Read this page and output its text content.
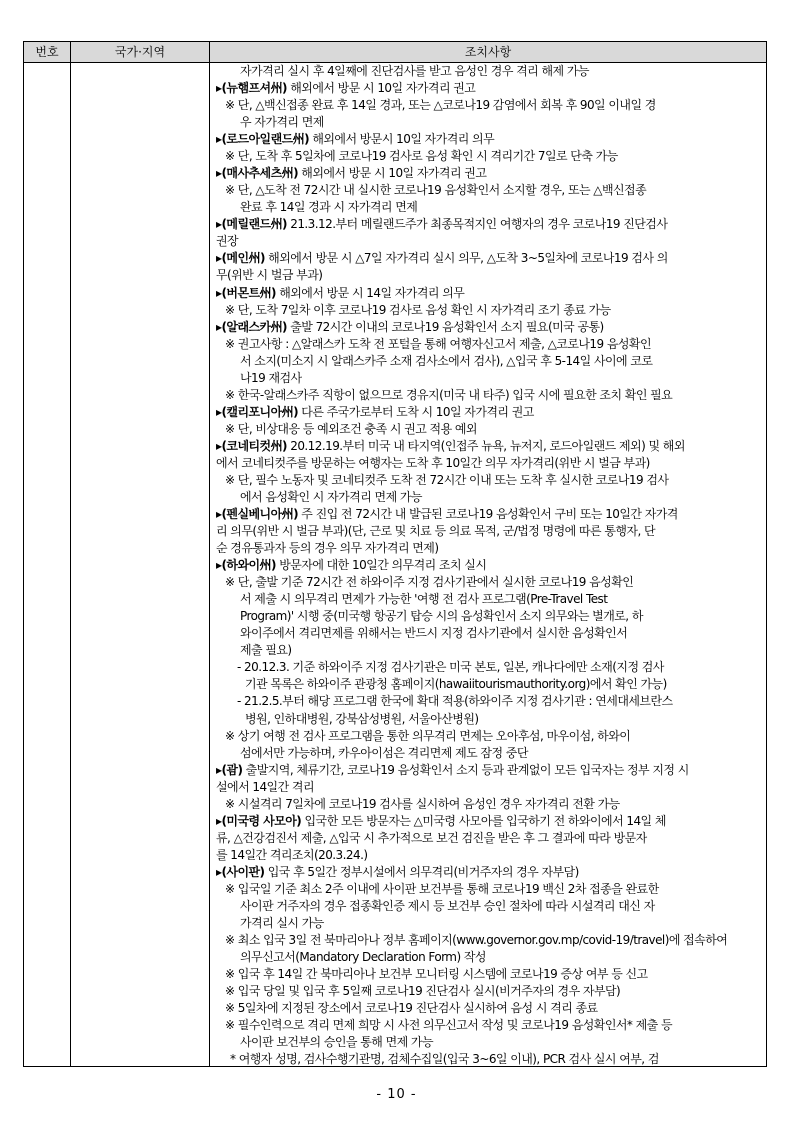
번호	국가·지역	조치사항
자가격리 실시 후 4일째에 진단검사를 받고 음성인 경우 격리 해제 가능
▸(뉴햄프셔州) 해외에서 방문 시 10일 자가격리 권고
※ 단, △백신접종 완료 후 14일 경과, 또는 △코로나19 감염에서 회복 후 90일 이내일 경
우 자가격리 면제
▸(로드아일랜드州) 해외에서 방문시 10일 자가격리 의무
※ 단, 도착 후 5일차에 코로나19 검사로 음성 확인 시 격리기간 7일로 단축 가능
▸(매사추세츠州) 해외에서 방문 시 10일 자가격리 권고
※ 단, △도착 전 72시간 내 실시한 코로나19 음성확인서 소지할 경우, 또는 △백신접종
완료 후 14일 경과 시 자가격리 면제
▸(메릴랜드州) 21.3.12.부터 메릴랜드주가 최종목적지인 여행자의 경우 코로나19 진단검사
권장
▸(메인州) 해외에서 방문 시 △7일 자가격리 실시 의무, △도착 3~5일차에 코로나19 검사 의
무(위반 시 벌금 부과)
▸(버몬트州) 해외에서 방문 시 14일 자가격리 의무
※ 단, 도착 7일차 이후 코로나19 검사로 음성 확인 시 자가격리 조기 종료 가능
▸(알래스카州) 출발 72시간 이내의 코로나19 음성확인서 소지 필요(미국 공통)
※ 권고사항 : △알래스카 도착 전 포털을 통해 여행자신고서 제출, △코로나19 음성확인
서 소지(미소지 시 알래스카주 소재 검사소에서 검사), △입국 후 5-14일 사이에 코로
나19 재검사
※ 한국-알래스카주 직항이 없으므로 경유지(미국 내 타주) 입국 시에 필요한 조치 확인 필요
▸(캘리포니아州) 다른 주국가로부터 도착 시 10일 자가격리 권고
※ 단, 비상대응 등 예외조건 충족 시 권고 적용 예외
▸(코네티컷州) 20.12.19.부터 미국 내 타지역(인접주 뉴욕, 뉴저지, 로드아일랜드 제외) 및 해외
에서 코네티컷주를 방문하는 여행자는 도착 후 10일간 의무 자가격리(위반 시 벌금 부과)
※ 단, 필수 노동자 및 코네티컷주 도착 전 72시간 이내 또는 도착 후 실시한 코로나19 검사
에서 음성확인 시 자가격리 면제 가능
▸(펜실베니아州) 주 진입 전 72시간 내 발급된 코로나19 음성확인서 구비 또는 10일간 자가격
리 의무(위반 시 벌금 부과)(단, 근로 및 치료 등 의료 목적, 군/법정 명령에 따른 통행자, 단
순 경유통과자 등의 경우 의무 자가격리 면제)
▸(하와이州) 방문자에 대한 10일간 의무격리 조치 실시
※ 단, 출발 기준 72시간 전 하와이주 지정 검사기관에서 실시한 코로나19 음성확인
서 제출 시 의무격리 면제가 가능한 '여행 전 검사 프로그램(Pre-Travel Test
Program)' 시행 중(미국행 항공기 탑승 시의 음성확인서 소지 의무와는 별개로, 하
와이주에서 격리면제를 위해서는 반드시 지정 검사기관에서 실시한 음성확인서
제출 필요)
- 20.12.3. 기준 하와이주 지정 검사기관은 미국 본토, 일본, 캐나다에만 소재(지정 검사
기관 목록은 하와이주 관광청 홈페이지(hawaiitourismauthority.org)에서 확인 가능)
- 21.2.5.부터 해당 프로그램 한국에 확대 적용(하와이주 지정 검사기관 : 연세대세브란스
병원, 인하대병원, 강북삼성병원, 서울아산병원)
※ 상기 여행 전 검사 프로그램을 통한 의무격리 면제는 오아후섬, 마우이섬, 하와이
섬에서만 가능하며, 카우아이섬은 격리면제 제도 잠정 중단
▸(괌) 출발지역, 체류기간, 코로나19 음성확인서 소지 등과 관계없이 모든 입국자는 정부 지정 시
설에서 14일간 격리
※ 시설격리 7일차에 코로나19 검사를 실시하여 음성인 경우 자가격리 전환 가능
▸(미국령 사모아) 입국한 모든 방문자는 △미국령 사모아를 입국하기 전 하와이에서 14일 체
류, △건강검진서 제출, △입국 시 추가적으로 보건 검진을 받은 후 그 결과에 따라 방문자
를 14일간 격리조치(20.3.24.)
▸(사이판) 입국 후 5일간 정부시설에서 의무격리(비거주자의 경우 자부담)
※ 입국일 기준 최소 2주 이내에 사이판 보건부를 통해 코로나19 백신 2차 접종을 완료한
사이판 거주자의 경우 접종확인증 제시 등 보건부 승인 절차에 따라 시설격리 대신 자
가격리 실시 가능
※ 최소 입국 3일 전 북마리아나 정부 홈페이지(www.governor.gov.mp/covid-19/travel)에 접속하여
의무신고서(Mandatory Declaration Form) 작성
※ 입국 후 14일 간 북마리아나 보건부 모니터링 시스템에 코로나19 증상 여부 등 신고
※ 입국 당일 및 입국 후 5일째 코로나19 진단검사 실시(비거주자의 경우 자부담)
※ 5일차에 지정된 장소에서 코로나19 진단검사 실시하여 음성 시 격리 종료
※ 필수인력으로 격리 면제 희망 시 사전 의무신고서 작성 및 코로나19 음성확인서* 제출 등
사이판 보건부의 승인을 통해 면제 가능
* 여행자 성명, 검사수행기관명, 검체수집일(입국 3~6일 이내), PCR 검사 실시 여부, 검
- 10 -
